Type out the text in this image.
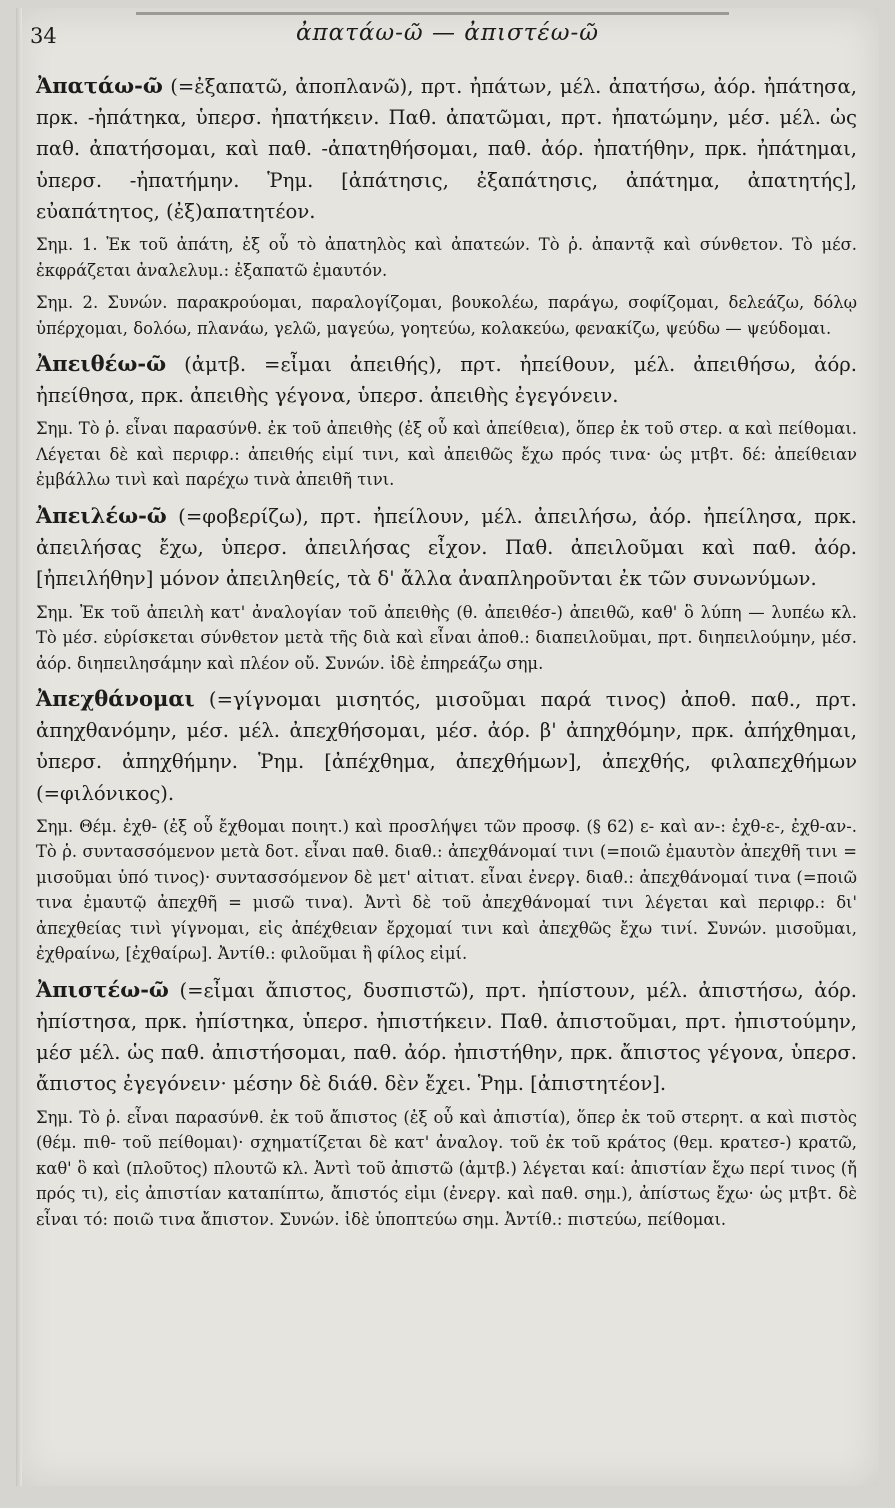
34	ἀπατάω-ῶ — ἀπιστέω-ῶ

Ἀπατάω-ῶ (=ἐξαπατῶ, ἀποπλανῶ), πρτ. ἠπάτων, μέλ. ἀπατήσω, ἀόρ. ἠπάτησα, πρκ. -ἠπάτηκα, ὑπερσ. ἠπατήκειν. Παθ. ἀπατῶμαι, πρτ. ἠπατώμην, μέσ. μέλ. ὡς παθ. ἀπατήσομαι, καὶ παθ. -ἀπατηθήσομαι, παθ. ἀόρ. ἠπατήθην, πρκ. ἠπάτημαι, ὑπερσ. -ἠπατήμην. Ῥημ. [ἀπάτησις, ἐξαπάτησις, ἀπάτημα, ἀπατητής], εὐαπάτητος, (ἐξ)απατητέον.

Σημ. 1. Ἐκ τοῦ ἀπάτη, ἐξ οὗ τὸ ἀπατηλὸς καὶ ἀπατεών. Τὸ ῥ. ἀπαντᾷ καὶ σύνθετον. Τὸ μέσ. ἐκφράζεται ἀναλελυμ.: ἐξαπατῶ ἐμαυτόν.

Σημ. 2. Συνών. παρακρούομαι, παραλογίζομαι, βουκολέω, παράγω, σοφίζομαι, δελεάζω, δόλῳ ὑπέρχομαι, δολόω, πλανάω, γελῶ, μαγεύω, γοητεύω, κολακεύω, φενακίζω, ψεύδω — ψεύδομαι.

Ἀπειθέω-ῶ (ἀμτβ. =εἶμαι ἀπειθής), πρτ. ἠπείθουν, μέλ. ἀπειθήσω, ἀόρ. ἠπείθησα, πρκ. ἀπειθὴς γέγονα, ὑπερσ. ἀπειθὴς ἐγεγόνειν.

Σημ. Τὸ ῥ. εἶναι παρασύνθ. ἐκ τοῦ ἀπειθὴς (ἐξ οὗ καὶ ἀπείθεια), ὅπερ ἐκ τοῦ στερ. α καὶ πείθομαι. Λέγεται δὲ καὶ περιφρ.: ἀπειθής εἰμί τινι, καὶ ἀπειθῶς ἔχω πρός τινα· ὡς μτβτ. δέ: ἀπείθειαν ἐμβάλλω τινὶ καὶ παρέχω τινὰ ἀπειθῆ τινι.

Ἀπειλέω-ῶ (=φοβερίζω), πρτ. ἠπείλουν, μέλ. ἀπειλήσω, ἀόρ. ἠπείλησα, πρκ. ἀπειλήσας ἔχω, ὑπερσ. ἀπειλήσας εἶχον. Παθ. ἀπειλοῦμαι καὶ παθ. ἀόρ. [ἠπειλήθην] μόνον ἀπειληθείς, τὰ δ' ἄλλα ἀναπληροῦνται ἐκ τῶν συνωνύμων.

Σημ. Ἐκ τοῦ ἀπειλὴ κατ' ἀναλογίαν τοῦ ἀπειθὴς (θ. ἀπειθέσ-) ἀπειθῶ, καθ' ὃ λύπη — λυπέω κλ. Τὸ μέσ. εὑρίσκεται σύνθετον μετὰ τῆς διὰ καὶ εἶναι ἀποθ.: διαπειλοῦμαι, πρτ. διηπειλούμην, μέσ. ἀόρ. διηπειλησάμην καὶ πλέον οὔ. Συνών. ἰδὲ ἐπηρεάζω σημ.

Ἀπεχθάνομαι (=γίγνομαι μισητός, μισοῦμαι παρά τινος) ἀποθ. παθ., πρτ. ἀπηχθανόμην, μέσ. μέλ. ἀπεχθήσομαι, μέσ. ἀόρ. β' ἀπηχθόμην, πρκ. ἀπήχθημαι, ὑπερσ. ἀπηχθήμην. Ῥημ. [ἀπέχθημα, ἀπεχθήμων], ἀπεχθής, φιλαπεχθήμων (=φιλόνικος).

Σημ. Θέμ. ἐχθ- (ἐξ οὗ ἔχθομαι ποιητ.) καὶ προσλήψει τῶν προσφ. (§ 62) ε- καὶ αν-: ἐχθ-ε-, ἐχθ-αν-. Τὸ ῥ. συντασσόμενον μετὰ δοτ. εἶναι παθ. διαθ.: ἀπεχθάνομαί τινι (=ποιῶ ἐμαυτὸν ἀπεχθῆ τινι = μισοῦμαι ὑπό τινος)· συντασσόμενον δὲ μετ' αἰτιατ. εἶναι ἐνεργ. διαθ.: ἀπεχθάνομαί τινα (=ποιῶ τινα ἐμαυτῷ ἀπεχθῆ = μισῶ τινα). Ἀντὶ δὲ τοῦ ἀπεχθάνομαί τινι λέγεται καὶ περιφρ.: δι' ἀπεχθείας τινὶ γίγνομαι, εἰς ἀπέχθειαν ἔρχομαί τινι καὶ ἀπεχθῶς ἔχω τινί. Συνών. μισοῦμαι, ἐχθραίνω, [ἐχθαίρω]. Ἀντίθ.: φιλοῦμαι ἢ φίλος εἰμί.

Ἀπιστέω-ῶ (=εἶμαι ἄπιστος, δυσπιστῶ), πρτ. ἠπίστουν, μέλ. ἀπιστήσω, ἀόρ. ἠπίστησα, πρκ. ἠπίστηκα, ὑπερσ. ἠπιστήκειν. Παθ. ἀπιστοῦμαι, πρτ. ἠπιστούμην, μέσ μέλ. ὡς παθ. ἀπιστήσομαι, παθ. ἀόρ. ἠπιστήθην, πρκ. ἄπιστος γέγονα, ὑπερσ. ἄπιστος ἐγεγόνειν· μέσην δὲ διάθ. δὲν ἔχει. Ῥημ. [ἀπιστητέον].

Σημ. Τὸ ῥ. εἶναι παρασύνθ. ἐκ τοῦ ἄπιστος (ἐξ οὗ καὶ ἀπιστία), ὅπερ ἐκ τοῦ στερητ. α καὶ πιστὸς (θέμ. πιθ- τοῦ πείθομαι)· σχηματίζεται δὲ κατ' ἀναλογ. τοῦ ἐκ τοῦ κράτος (θεμ. κρατεσ-) κρατῶ, καθ' ὃ καὶ (πλοῦτος) πλουτῶ κλ. Ἀντὶ τοῦ ἀπιστῶ (ἀμτβ.) λέγεται καί: ἀπιστίαν ἔχω περί τινος (ἤ πρός τι), εἰς ἀπιστίαν καταπίπτω, ἄπιστός εἰμι (ἐνεργ. καὶ παθ. σημ.), ἀπίστως ἔχω· ὡς μτβτ. δὲ εἶναι τό: ποιῶ τινα ἄπιστον. Συνών. ἰδὲ ὑποπτεύω σημ. Ἀντίθ.: πιστεύω, πείθομαι.
